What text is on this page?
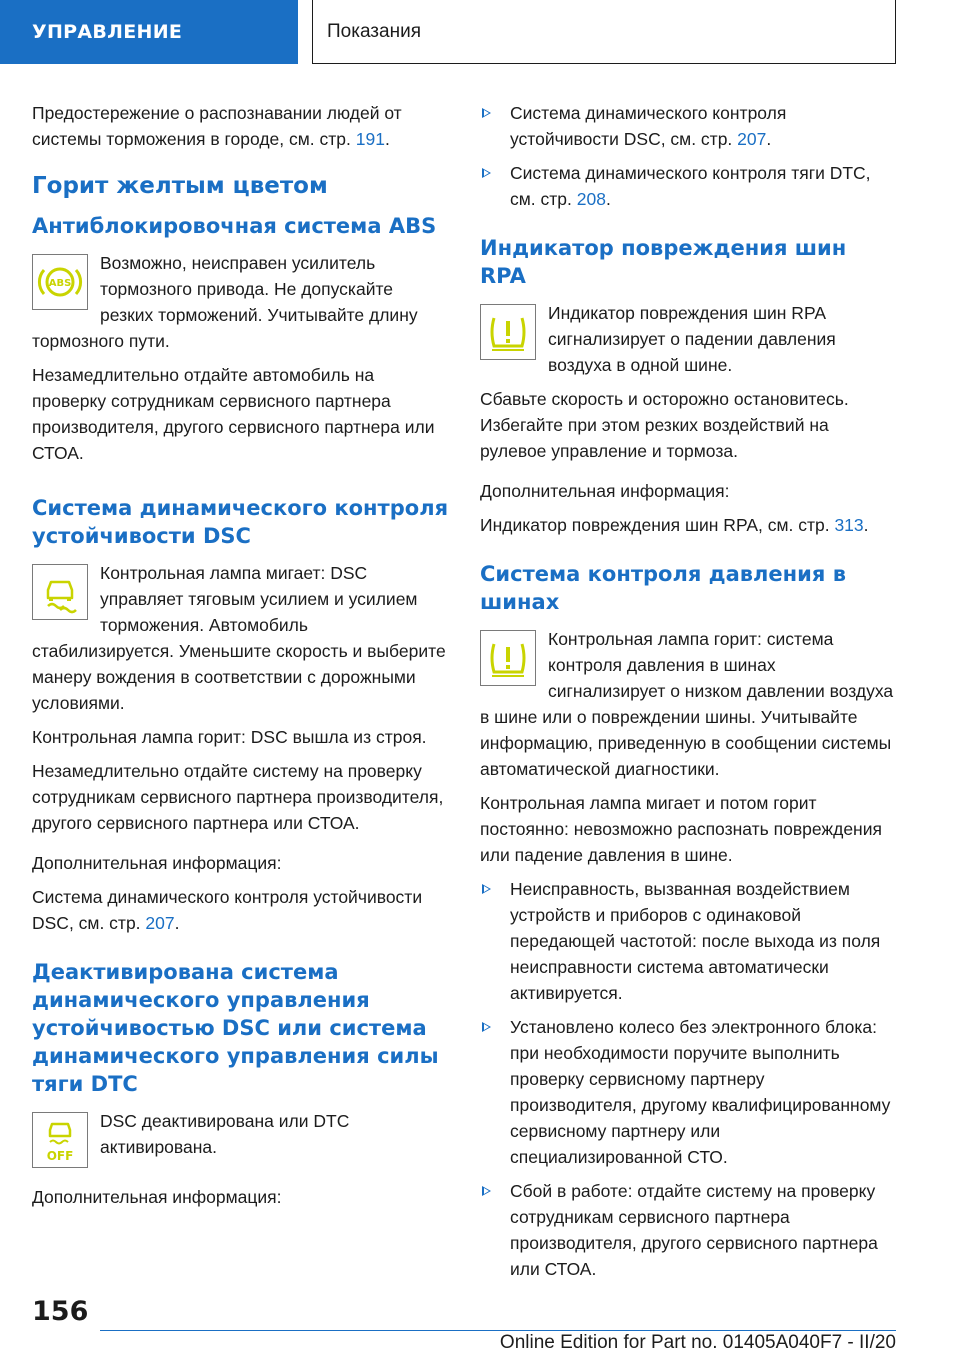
УПРАВЛЕНИЕ	Показания

Предостережение о распознавании людей от системы торможения в городе, см. стр. 191.

Горит желтым цветом
Антиблокировочная система ABS
ABS

Возможно, неисправен усилитель тормозного привода. Не допускайте резких торможений. Учитывайте длину тормозного пути.

Незамедлительно отдайте автомобиль на проверку сотрудникам сервисного партнера производителя, другого сервисного партнера или СТОА.

Система динамического контроля устойчивости DSC

Контрольная лампа мигает: DSC управляет тяговым усилием и усилием торможения. Автомобиль стабилизируется. Уменьшите скорость и выберите манеру вождения в соответствии с дорожными условиями.

Контрольная лампа горит: DSC вышла из строя.

Незамедлительно отдайте систему на проверку сотрудникам сервисного партнера производителя, другого сервисного партнера или СТОА.

Дополнительная информация:

Система динамического контроля устойчивости DSC, см. стр. 207.

Деактивирована система динамического управления устойчивостью DSC или система динамического управления силы тяги DTC
OFF

DSC деактивирована или DTC активирована.

Дополнительная информация:

Система динамического контроля устойчивости DSC, см. стр. 207.
Система динамического контроля тяги DTC, см. стр. 208.
Индикатор повреждения шин RPA

Индикатор повреждения шин RPA сигнализирует о падении давления воздуха в одной шине.

Сбавьте скорость и осторожно остановитесь. Избегайте при этом резких воздействий на рулевое управление и тормоза.

Дополнительная информация:

Индикатор повреждения шин RPA, см. стр. 313.

Система контроля давления в шинах

Контрольная лампа горит: система контроля давления в шинах сигнализирует о низком давлении воздуха в шине или о повреждении шины. Учитывайте информацию, приведенную в сообщении системы автоматической диагностики.

Контрольная лампа мигает и потом горит постоянно: невозможно распознать повреждения или падение давления в шине.

Неисправность, вызванная воздействием устройств и приборов с одинаковой передающей частотой: после выхода из поля неисправности система автоматически активируется.
Установлено колесо без электронного блока: при необходимости поручите выполнить проверку сервисному партнеру производителя, другому квалифицированному сервисному партнеру или специализированной СТО.
Сбой в работе: отдайте систему на проверку сотрудникам сервисного партнера производителя, другого сервисного партнера или СТОА.
156
Online Edition for Part no. 01405A040F7 - II/20
